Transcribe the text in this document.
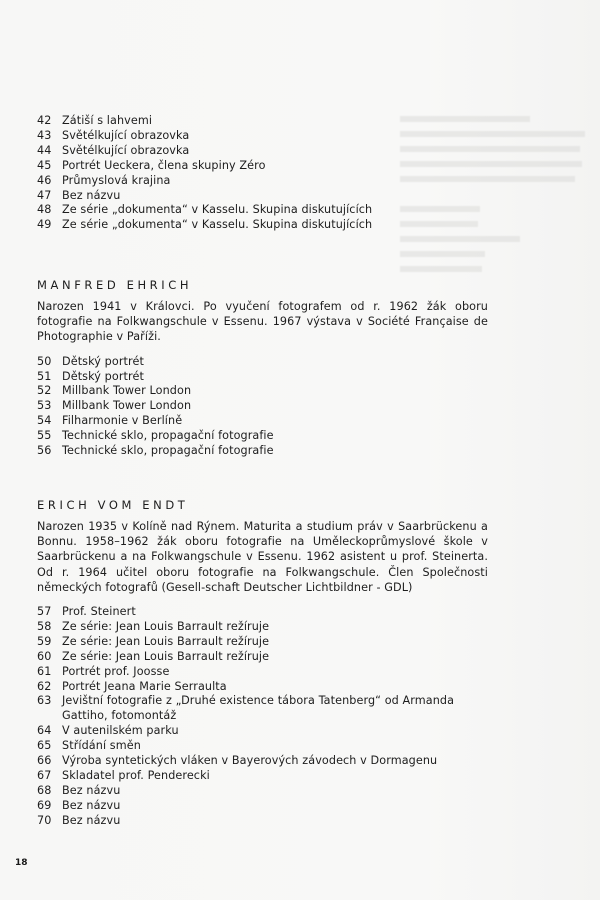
42 Zátiší s lahvemi
43 Světélkující obrazovka
44 Světélkující obrazovka
45 Portrét Ueckera, člena skupiny Zéro
46 Průmyslová krajina
47 Bez názvu
48 Ze série „dokumenta“ v Kasselu. Skupina diskutujících
49 Ze série „dokumenta“ v Kasselu. Skupina diskutujících
MANFRED EHRICH

Narozen 1941 v Královci. Po vyučení fotografem od r. 1962 žák oboru fotografie na Folkwangschule v Essenu. 1967 výstava v Société Française de Photographie v Paříži.

50 Dětský portrét
51 Dětský portrét
52 Millbank Tower London
53 Millbank Tower London
54 Filharmonie v Berlíně
55 Technické sklo, propagační fotografie
56 Technické sklo, propagační fotografie
ERICH VOM ENDT

Narozen 1935 v Kolíně nad Rýnem. Maturita a studium práv v Saarbrückenu a Bonnu. 1958–1962 žák oboru fotografie na Uměleckoprůmyslové škole v Saarbrückenu a na Folkwangschule v Essenu. 1962 asistent u prof. Steinerta. Od r. 1964 učitel oboru fotografie na Folkwangschule. Člen Společnosti německých fotografů (Gesell-schaft Deutscher Lichtbildner - GDL)

57 Prof. Steinert
58 Ze série: Jean Louis Barrault režíruje
59 Ze série: Jean Louis Barrault režíruje
60 Ze série: Jean Louis Barrault režíruje
61 Portrét prof. Joosse
62 Portrét Jeana Marie Serraulta
63 Jevištní fotografie z „Druhé existence tábora Tatenberg“ od Armanda Gattiho, fotomontáž
64 V autenilském parku
65 Střídání směn
66 Výroba syntetických vláken v Bayerových závodech v Dormagenu
67 Skladatel prof. Penderecki
68 Bez názvu
69 Bez názvu
70 Bez názvu
18
